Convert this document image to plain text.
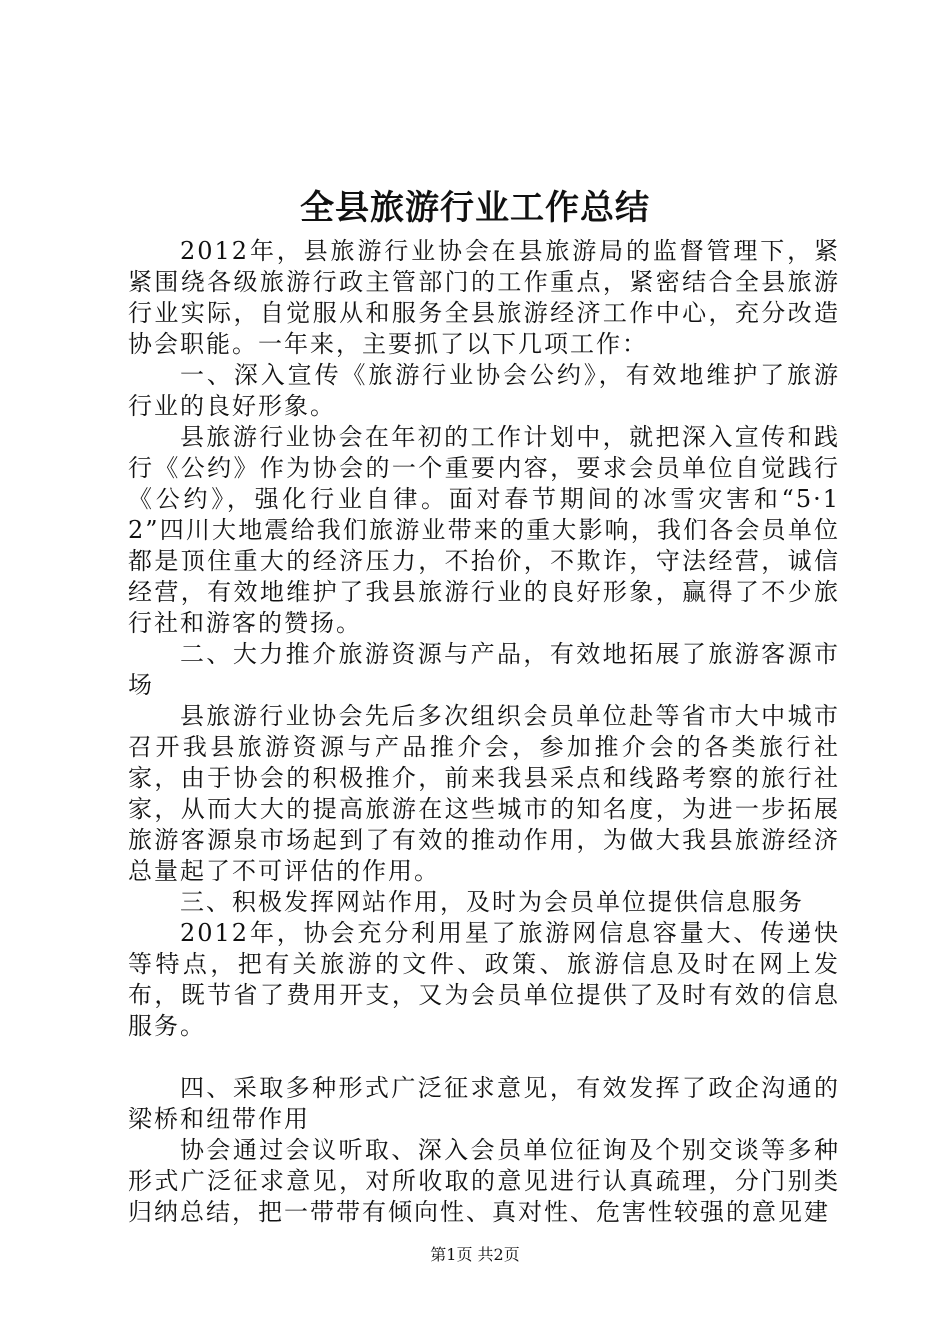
全县旅游行业工作总结

2012年，县旅游行业协会在县旅游局的监督管理下，紧紧围绕各级旅游行政主管部门的工作重点，紧密结合全县旅游行业实际，自觉服从和服务全县旅游经济工作中心，充分改造协会职能。一年来，主要抓了以下几项工作：

一、深入宣传《旅游行业协会公约》，有效地维护了旅游行业的良好形象。

县旅游行业协会在年初的工作计划中，就把深入宣传和践行《公约》作为协会的一个重要内容，要求会员单位自觉践行《公约》，强化行业自律。面对春节期间的冰雪灾害和“5·12”四川大地震给我们旅游业带来的重大影响，我们各会员单位都是顶住重大的经济压力，不抬价，不欺诈，守法经营，诚信经营，有效地维护了我县旅游行业的良好形象，赢得了不少旅行社和游客的赞扬。

二、大力推介旅游资源与产品，有效地拓展了旅游客源市场

县旅游行业协会先后多次组织会员单位赴等省市大中城市召开我县旅游资源与产品推介会，参加推介会的各类旅行社家，由于协会的积极推介，前来我县采点和线路考察的旅行社家，从而大大的提高旅游在这些城市的知名度，为进一步拓展旅游客源泉市场起到了有效的推动作用，为做大我县旅游经济总量起了不可评估的作用。

三、积极发挥网站作用，及时为会员单位提供信息服务

2012年，协会充分利用星了旅游网信息容量大、传递快等特点，把有关旅游的文件、政策、旅游信息及时在网上发布，既节省了费用开支，又为会员单位提供了及时有效的信息服务。

四、采取多种形式广泛征求意见，有效发挥了政企沟通的梁桥和纽带作用

协会通过会议听取、深入会员单位征询及个别交谈等多种形式广泛征求意见，对所收取的意见进行认真疏理，分门别类归纳总结，把一带带有倾向性、真对性、危害性较强的意见建

第1页 共2页
